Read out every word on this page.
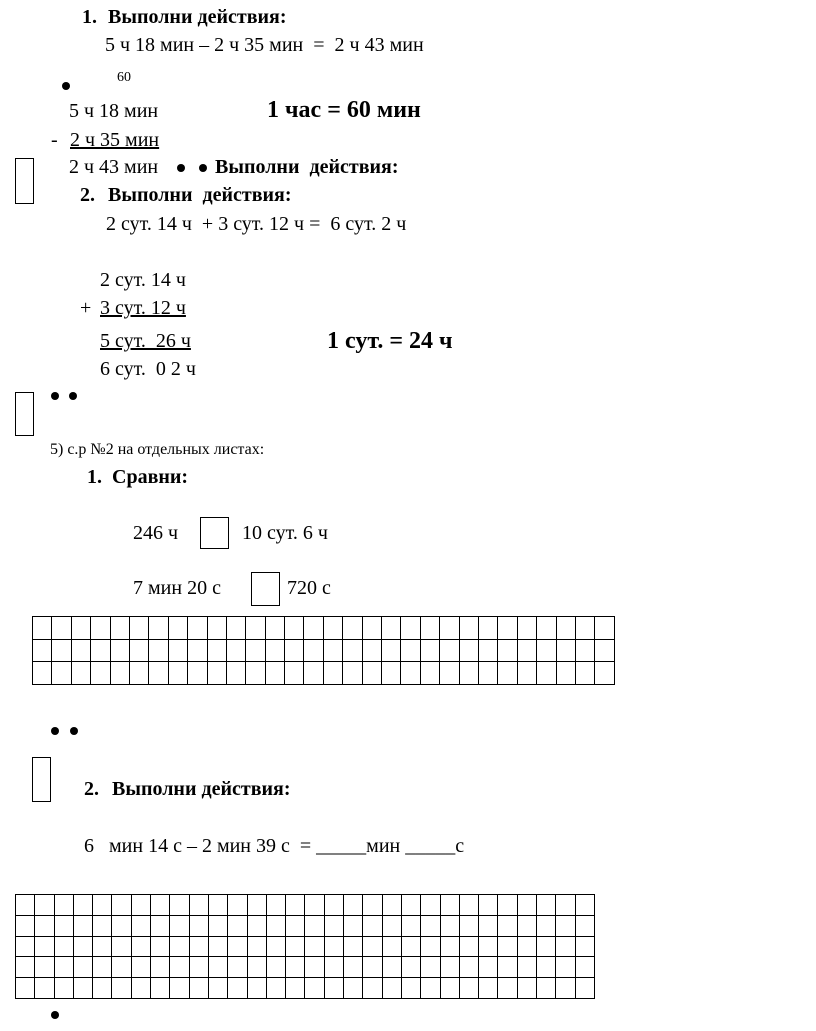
1. Выполни действия:
5 ч 18 мин – 2 ч 35 мин  =  2 ч 43 мин
60
5 ч 18 мин	1 час = 60 мин
- 2 ч 35 мин
2 ч 43 мин	Выполни  действия:
2. Выполни  действия:
2 сут. 14 ч  + 3 сут. 12 ч =  6 сут. 2 ч
2 сут. 14 ч
+ 3 сут. 12 ч
5 сут.  26 ч	1 сут. = 24 ч
6 сут.  0 2 ч
5) с.р №2 на отдельных листах:
1. Сравни:
246 ч	10 сут. 6 ч
7 мин 20 с	720 с

2. Выполни действия:
6   мин 14 с – 2 мин 39 с  = _____мин _____с
